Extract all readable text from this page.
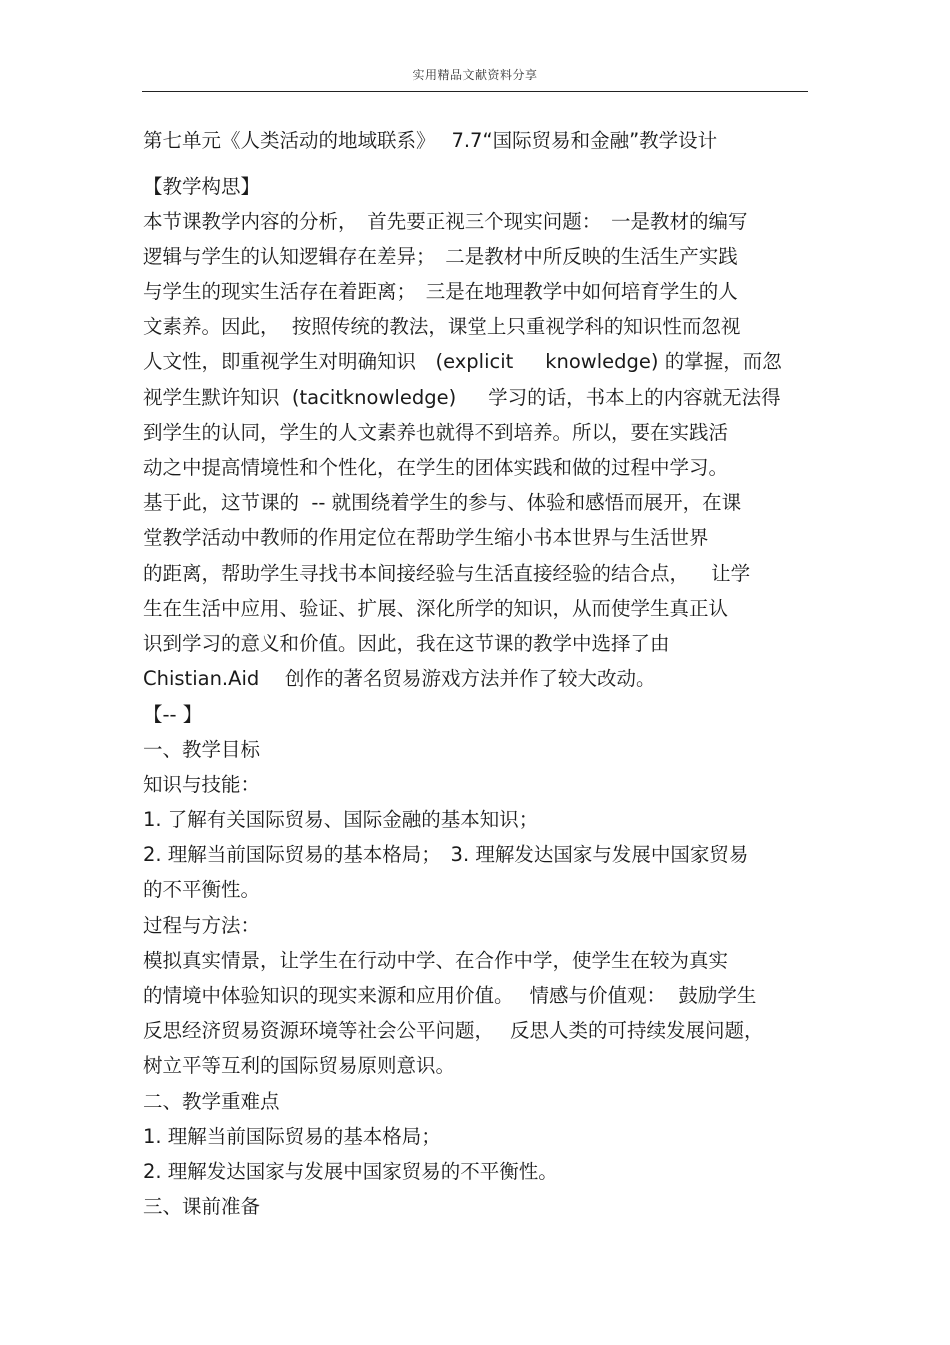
实用精品文献资料分享
第七单元《人类活动的地域联系》　 7.7“国际贸易和金融”教学设计
【教学构思】
本节课教学内容的分析，　首先要正视三个现实问题：　一是教材的编写
逻辑与学生的认知逻辑存在差异；　二是教材中所反映的生活生产实践
与学生的现实生活存在着距离；　三是在地理教学中如何培育学生的人
文素养。因此，  按照传统的教法，课堂上只重视学科的知识性而忽视
人文性，即重视学生对明确知识　(explicit　  knowledge) 的掌握，而忽
视学生默许知识  (tacitknowledge)　  学习的话，书本上的内容就无法得
到学生的认同，学生的人文素养也就得不到培养。所以，要在实践活
动之中提高情境性和个性化，在学生的团体实践和做的过程中学习。
基于此，这节课的  -- 就围绕着学生的参与、体验和感悟而展开，在课
堂教学活动中教师的作用定位在帮助学生缩小书本世界与生活世界
的距离，帮助学生寻找书本间接经验与生活直接经验的结合点，　  让学
生在生活中应用、验证、扩展、深化所学的知识，从而使学生真正认
识到学习的意义和价值。因此，我在这节课的教学中选择了由
Chistian.Aid　 创作的著名贸易游戏方法并作了较大改动。
【-- 】
一、教学目标
知识与技能：
1. 了解有关国际贸易、国际金融的基本知识；
2. 理解当前国际贸易的基本格局；　3. 理解发达国家与发展中国家贸易
的不平衡性。
过程与方法：
模拟真实情景，让学生在行动中学、在合作中学，使学生在较为真实
的情境中体验知识的现实来源和应用价值。　 情感与价值观：  鼓励学生
反思经济贸易资源环境等社会公平问题，　 反思人类的可持续发展问题，
树立平等互利的国际贸易原则意识。
二、教学重难点
1. 理解当前国际贸易的基本格局；
2. 理解发达国家与发展中国家贸易的不平衡性。
三、课前准备
